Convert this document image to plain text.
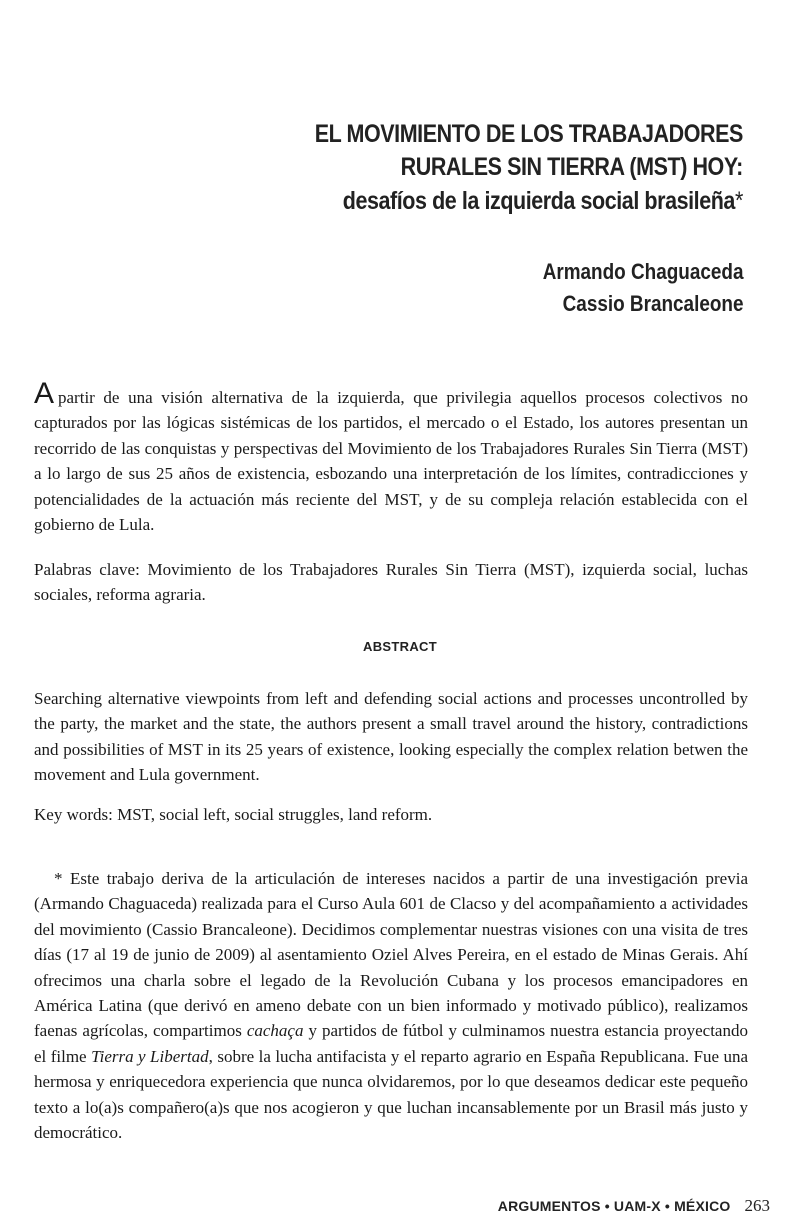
EL MOVIMIENTO DE LOS TRABAJADORES
RURALES SIN TIERRA (MST) HOY:
desafíos de la izquierda social brasileña*
Armando Chaguaceda
Cassio Brancaleone

Apartir de una visión alternativa de la izquierda, que privilegia aquellos procesos colectivos no capturados por las lógicas sistémicas de los partidos, el mercado o el Estado, los autores presentan un recorrido de las conquistas y perspectivas del Movimiento de los Trabajadores Rurales Sin Tierra (MST) a lo largo de sus 25 años de existencia, esbozando una interpretación de los límites, contradicciones y potencialidades de la actuación más reciente del MST, y de su compleja relación establecida con el gobierno de Lula.

Palabras clave: Movimiento de los Trabajadores Rurales Sin Tierra (MST), izquierda social, luchas sociales, reforma agraria.

ABSTRACT

Searching alternative viewpoints from left and defending social actions and processes uncontrolled by the party, the market and the state, the authors present a small travel around the history, contradictions and possibilities of MST in its 25 years of existence, looking especially the complex relation betwen the movement and Lula government.

Key words: MST, social left, social struggles, land reform.

* Este trabajo deriva de la articulación de intereses nacidos a partir de una investigación previa (Armando Chaguaceda) realizada para el Curso Aula 601 de Clacso y del acompañamiento a actividades del movimiento (Cassio Brancaleone). Decidimos complementar nuestras visiones con una visita de tres días (17 al 19 de junio de 2009) al asentamiento Oziel Alves Pereira, en el estado de Minas Gerais. Ahí ofrecimos una charla sobre el legado de la Revolución Cubana y los procesos emancipadores en América Latina (que derivó en ameno debate con un bien informado y motivado público), realizamos faenas agrícolas, compartimos cachaça y partidos de fútbol y culminamos nuestra estancia proyectando el filme Tierra y Libertad, sobre la lucha antifacista y el reparto agrario en España Republicana. Fue una hermosa y enriquecedora experiencia que nunca olvidaremos, por lo que deseamos dedicar este pequeño texto a lo(a)s compañero(a)s que nos acogieron y que luchan incansablemente por un Brasil más justo y democrático.

ARGUMENTOS • UAM-X • MÉXICO 263
